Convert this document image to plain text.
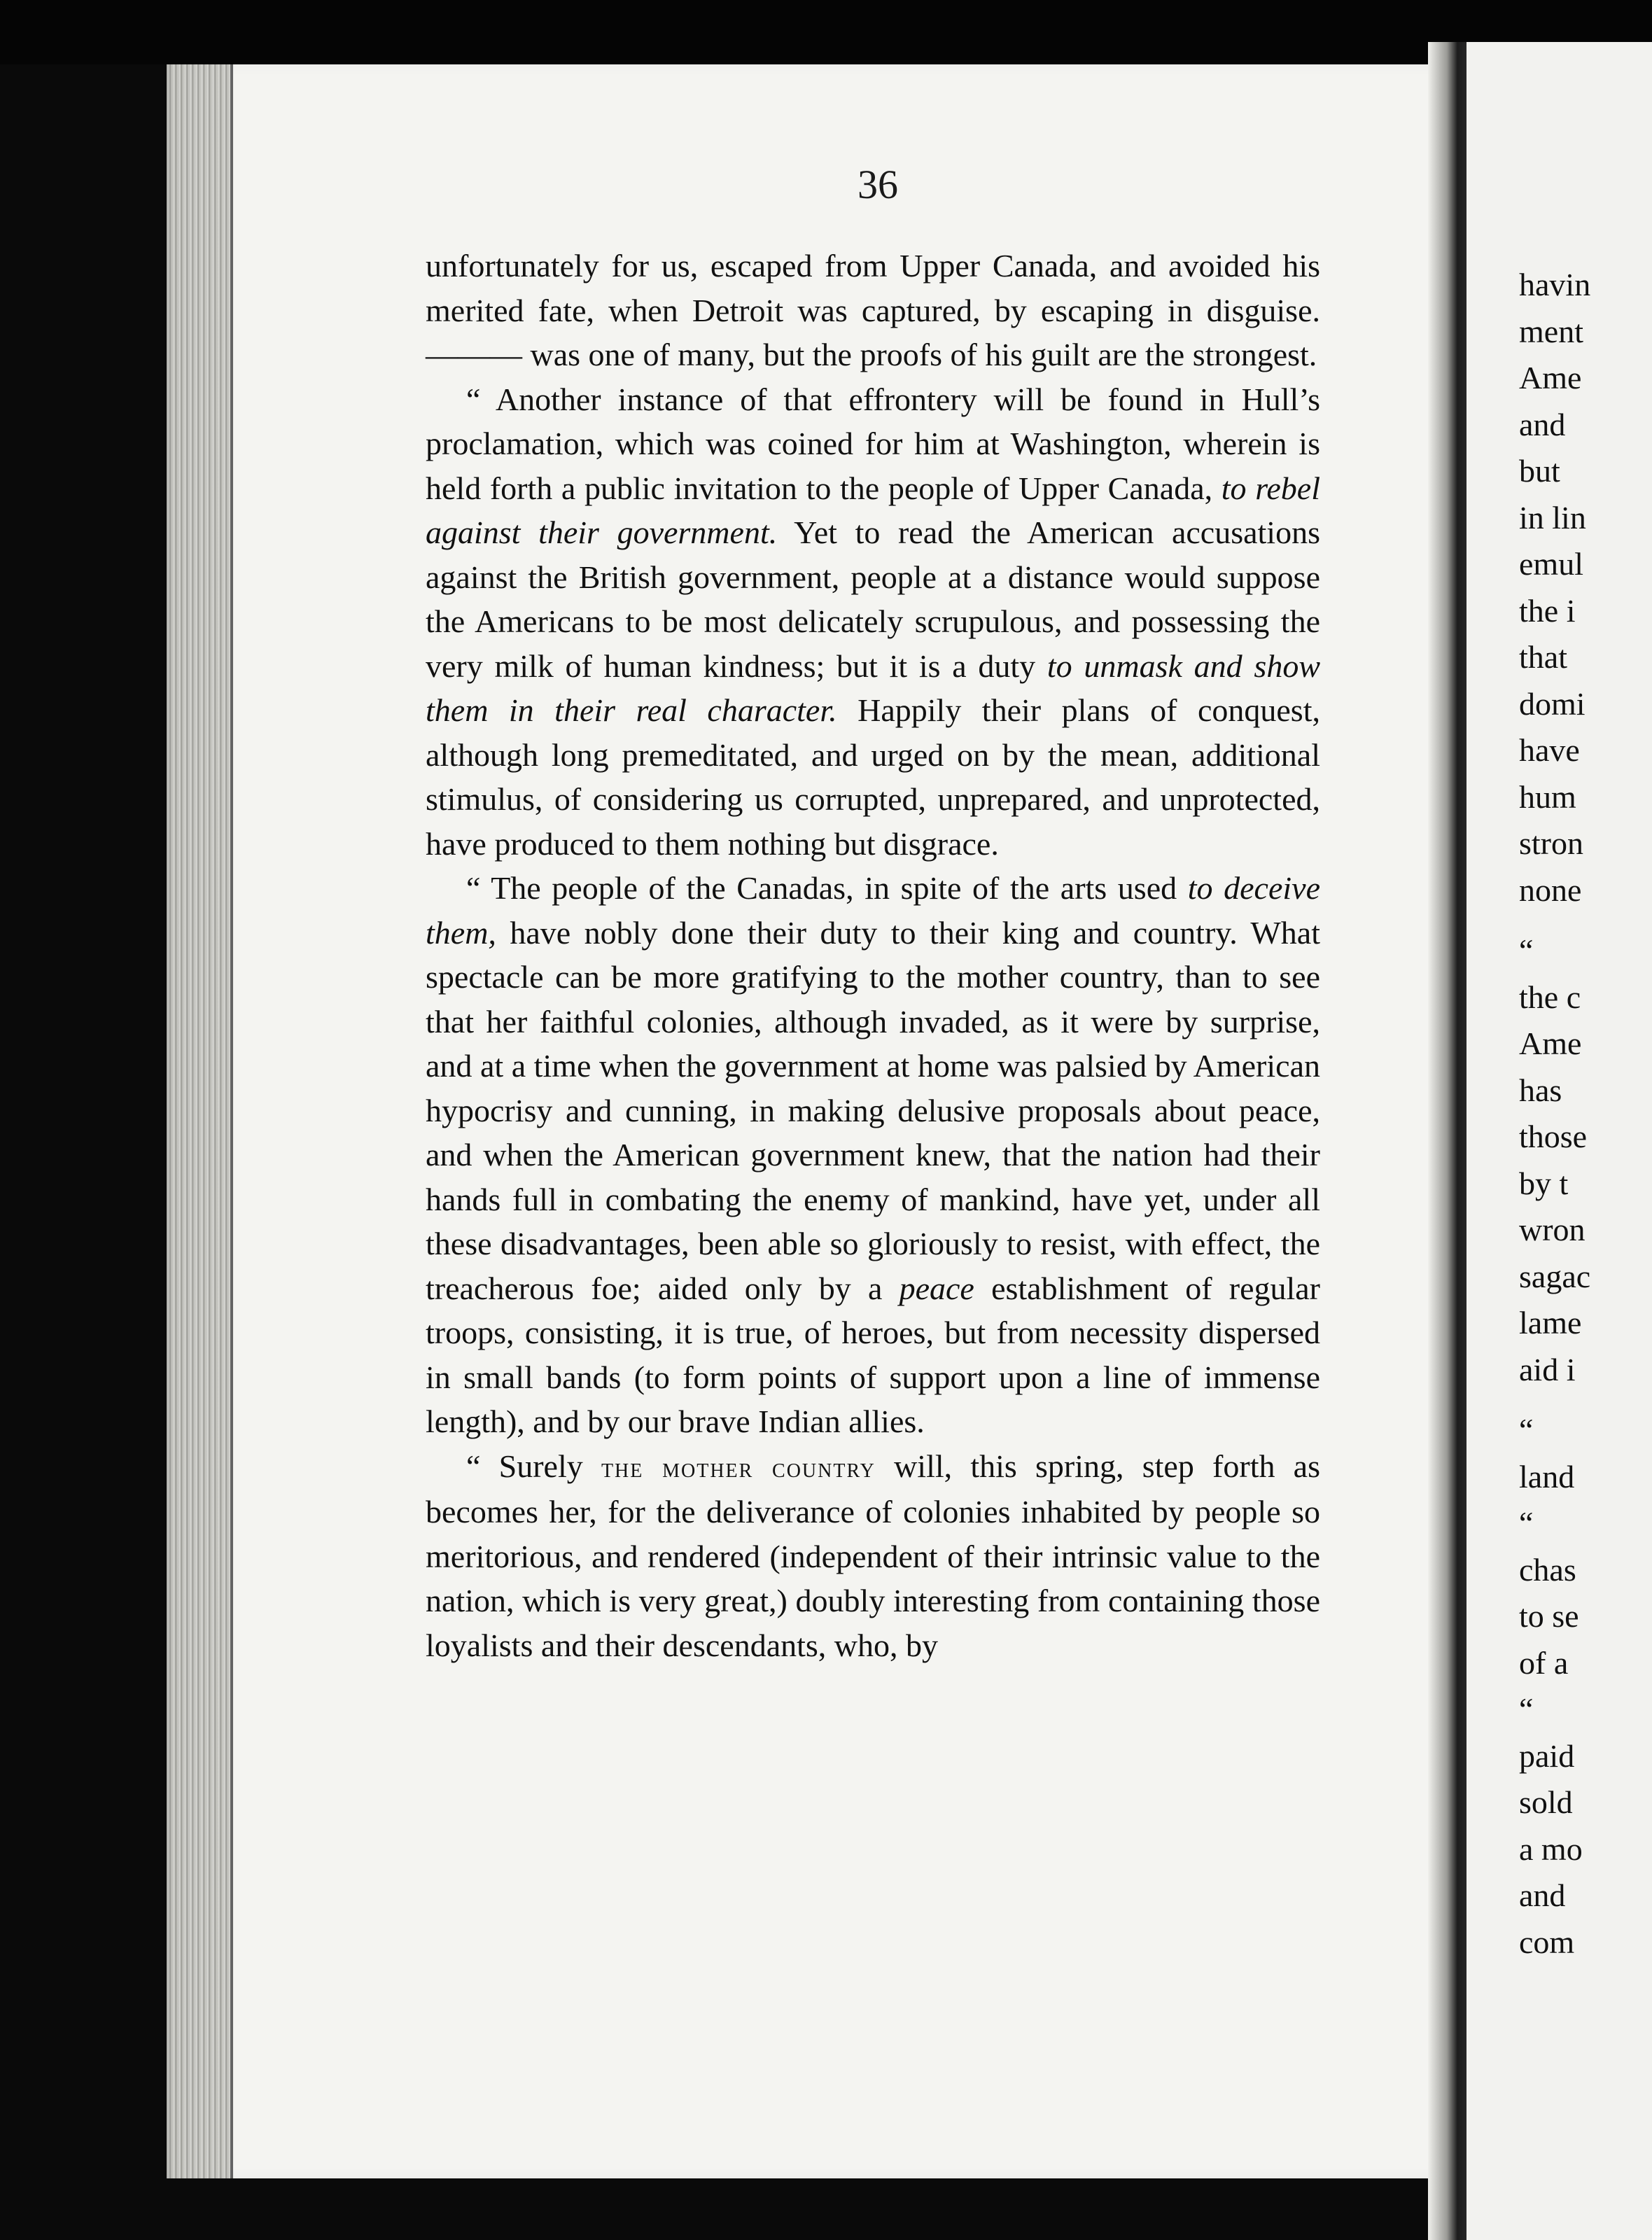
36

unfortunately for us, escaped from Upper Canada, and avoided his merited fate, when Detroit was captured, by escaping in disguise. ——— was one of many, but the proofs of his guilt are the strongest.

“ Another instance of that effrontery will be found in Hull’s proclamation, which was coined for him at Washington, wherein is held forth a public invitation to the people of Upper Canada, to rebel against their government. Yet to read the American accusations against the British government, people at a distance would suppose the Americans to be most delicately scrupulous, and possessing the very milk of human kindness; but it is a duty to unmask and show them in their real character. Happily their plans of conquest, although long premeditated, and urged on by the mean, additional stimulus, of considering us corrupted, unprepared, and unprotected, have produced to them nothing but disgrace.

“ The people of the Canadas, in spite of the arts used to deceive them, have nobly done their duty to their king and country. What spectacle can be more gratifying to the mother country, than to see that her faithful colonies, although invaded, as it were by surprise, and at a time when the government at home was palsied by American hypocrisy and cunning, in making delusive proposals about peace, and when the American government knew, that the nation had their hands full in combating the enemy of mankind, have yet, under all these disadvantages, been able so gloriously to resist, with effect, the treacherous foe; aided only by a peace establishment of regular troops, consisting, it is true, of heroes, but from necessity dispersed in small bands (to form points of support upon a line of immense length), and by our brave Indian allies.

“ Surely the mother country will, this spring, step forth as becomes her, for the deliverance of colonies inhabited by people so meritorious, and rendered (independent of their intrinsic value to the nation, which is very great,) doubly interesting from containing those loyalists and their descendants, who, by

havin
ment
Ame
and
but
in lin
emul
the i
that
domi
have
hum
stron
none
“
the c
Ame
has
those
by t
wron
sagac
lame
aid i
“
land
“
chas
to se
of a
“
paid
sold
a mo
and
com
